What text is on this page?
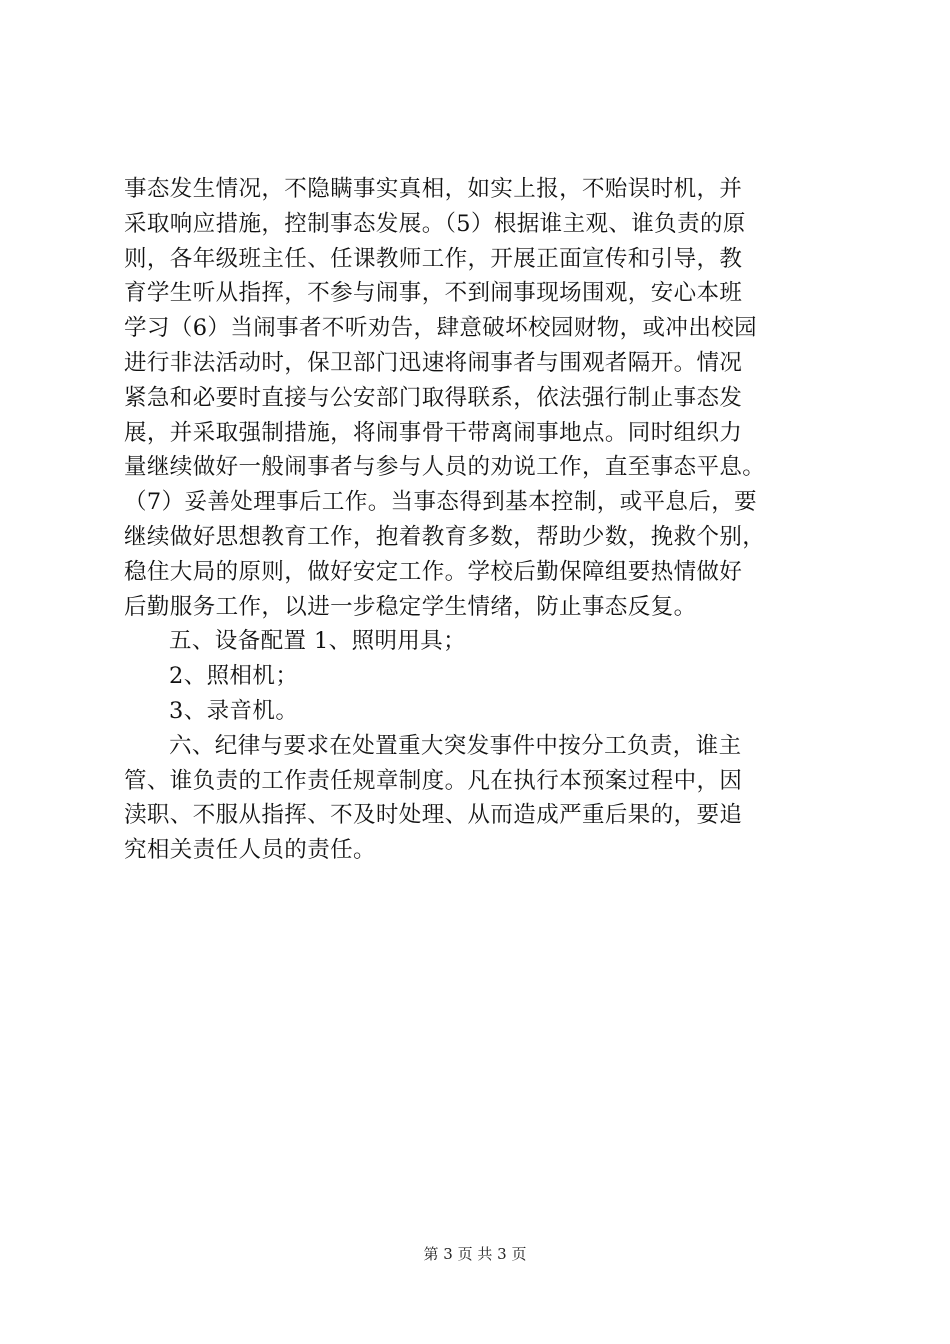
事态发生情况，不隐瞒事实真相，如实上报，不贻误时机，并
采取响应措施，控制事态发展。（5）根据谁主观、谁负责的原
则，各年级班主任、任课教师工作，开展正面宣传和引导，教
育学生听从指挥，不参与闹事，不到闹事现场围观，安心本班
学习（6）当闹事者不听劝告，肆意破坏校园财物，或冲出校园
进行非法活动时，保卫部门迅速将闹事者与围观者隔开。情况
紧急和必要时直接与公安部门取得联系，依法强行制止事态发
展，并采取强制措施，将闹事骨干带离闹事地点。同时组织力
量继续做好一般闹事者与参与人员的劝说工作，直至事态平息。
（7）妥善处理事后工作。当事态得到基本控制，或平息后，要
继续做好思想教育工作，抱着教育多数，帮助少数，挽救个别，
稳住大局的原则，做好安定工作。学校后勤保障组要热情做好
后勤服务工作，以进一步稳定学生情绪，防止事态反复。
五、设备配置 1、照明用具；
2、照相机；
3、录音机。
六、纪律与要求在处置重大突发事件中按分工负责，谁主
管、谁负责的工作责任规章制度。凡在执行本预案过程中，因
渎职、不服从指挥、不及时处理、从而造成严重后果的，要追
究相关责任人员的责任。
第 3 页 共 3 页
